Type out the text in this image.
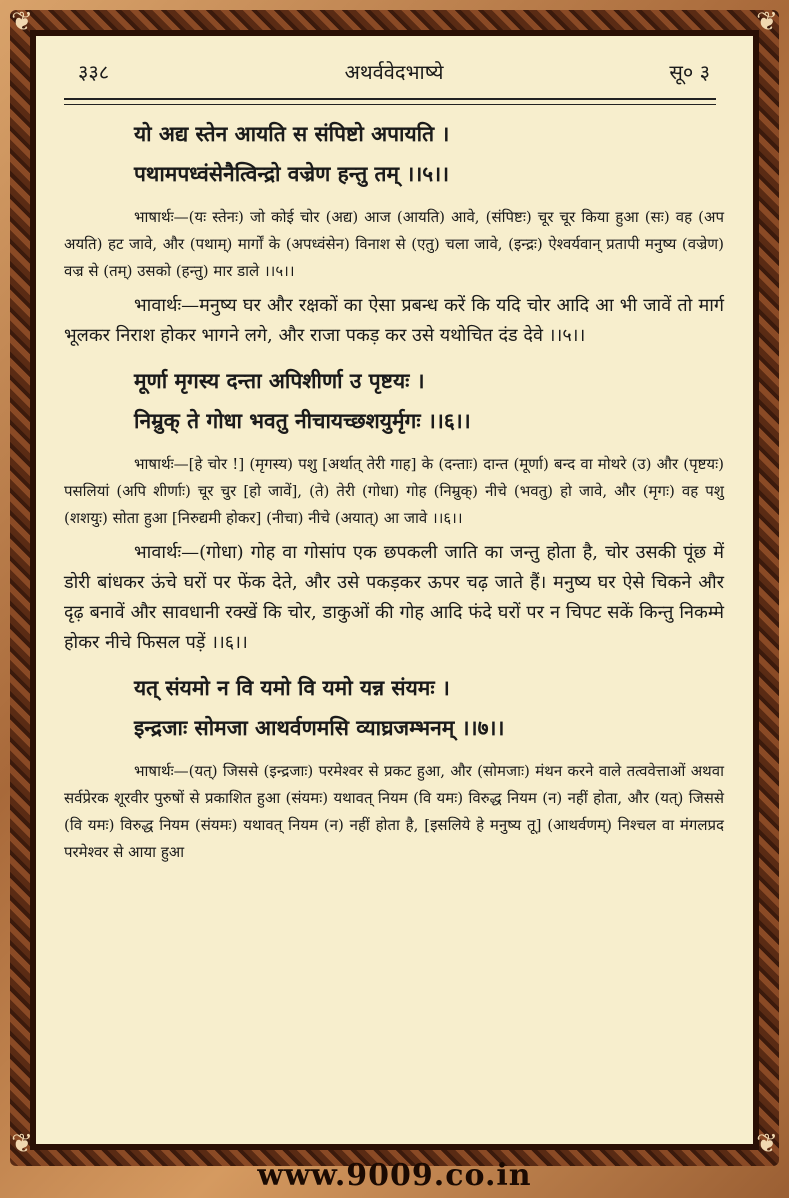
❦	❦
❦	❦
३३८	अथर्ववेदभाष्ये	सू० ३
यो अद्य स्तेन आयति स संपिष्टो अपायति ।
पथामपध्वंसेनैत्विन्द्रो वज्रेण हन्तु तम् ।।५।।

भाषार्थः—(यः स्तेनः) जो कोई चोर (अद्य) आज (आयति) आवे, (संपिष्टः) चूर चूर किया हुआ (सः) वह (अप अयति) हट जावे, और (पथाम्) मार्गों के (अपध्वंसेन) विनाश से (एतु) चला जावे, (इन्द्रः) ऐश्वर्यवान् प्रतापी मनुष्य (वज्रेण) वज्र से (तम्) उसको (हन्तु) मार डाले ।।५।।

भावार्थः—मनुष्य घर और रक्षकों का ऐसा प्रबन्ध करें कि यदि चोर आदि आ भी जावें तो मार्ग भूलकर निराश होकर भागने लगे, और राजा पकड़ कर उसे यथोचित दंड देवे ।।५।।

मूर्णा मृगस्य दन्ता अपिशीर्णा उ पृष्टयः ।
निम्रुक् ते गोधा भवतु नीचायच्छशयुर्मृगः ।।६।।

भाषार्थः—[हे चोर !] (मृगस्य) पशु [अर्थात् तेरी गाह] के (दन्ताः) दान्त (मूर्णा) बन्द वा मोथरे (उ) और (पृष्टयः) पसलियां (अपि शीर्णाः) चूर चुर [हो जावें], (ते) तेरी (गोधा) गोह (निम्रुक्) नीचे (भवतु) हो जावे, और (मृगः) वह पशु (शशयुः) सोता हुआ [निरुद्यमी होकर] (नीचा) नीचे (अयात्) आ जावे ।।६।।

भावार्थः—(गोधा) गोह वा गोसांप एक छपकली जाति का जन्तु होता है, चोर उसकी पूंछ में डोरी बांधकर ऊंचे घरों पर फेंक देते, और उसे पकड़कर ऊपर चढ़ जाते हैं। मनुष्य घर ऐसे चिकने और दृढ़ बनावें और सावधानी रक्खें कि चोर, डाकुओं की गोह आदि फंदे घरों पर न चिपट सकें किन्तु निकम्मे होकर नीचे फिसल पड़ें ।।६।।

यत् संयमो न वि यमो वि यमो यन्न संयमः ।
इन्द्रजाः सोमजा आथर्वणमसि व्याघ्रजम्भनम् ।।७।।

भाषार्थः—(यत्) जिससे (इन्द्रजाः) परमेश्वर से प्रकट हुआ, और (सोमजाः) मंथन करने वाले तत्ववेत्ताओं अथवा सर्वप्रेरक शूरवीर पुरुषों से प्रकाशित हुआ (संयमः) यथावत् नियम (वि यमः) विरुद्ध नियम (न) नहीं होता, और (यत्) जिससे (वि यमः) विरुद्ध नियम (संयमः) यथावत् नियम (न) नहीं होता है, [इसलिये हे मनुष्य तू] (आथर्वणम्) निश्चल वा मंगलप्रद परमेश्वर से आया हुआ

www.9009.co.in
